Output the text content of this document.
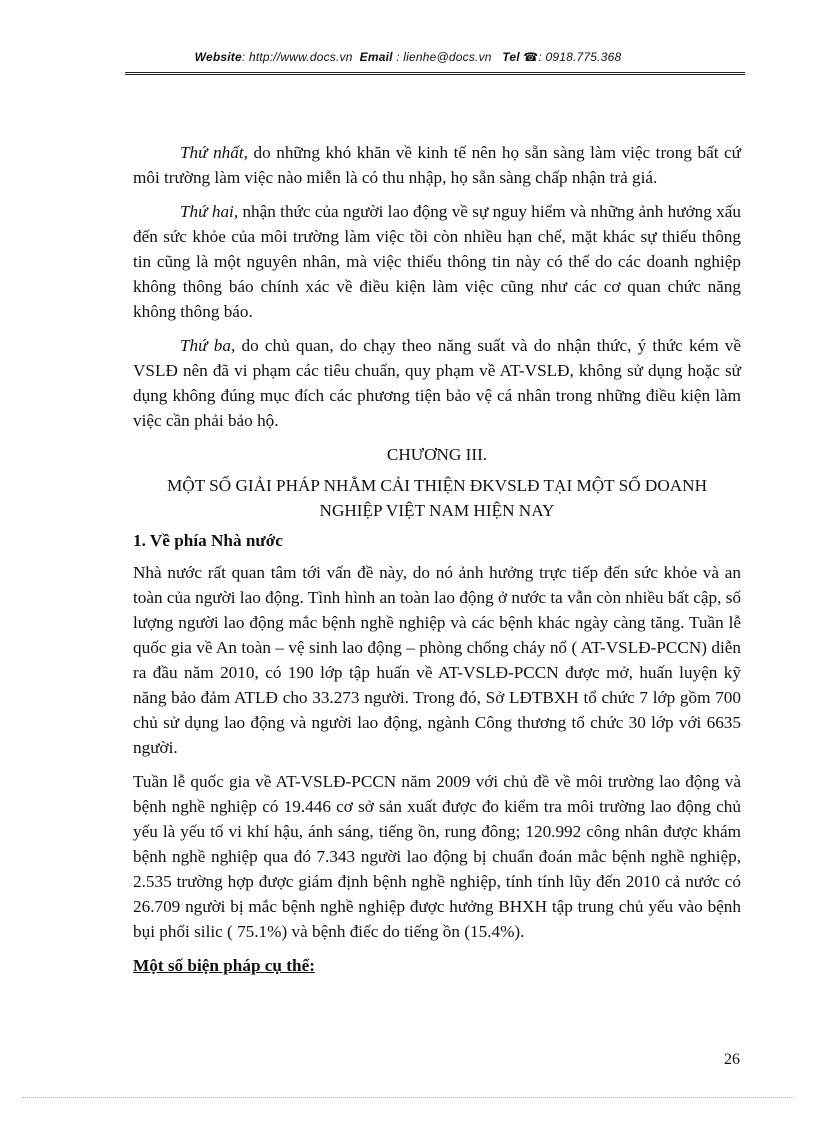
Website: http://www.docs.vn Email : lienhe@docs.vn Tel ☎: 0918.775.368

Thứ nhất, do những khó khăn về kinh tế nên họ sẵn sàng làm việc trong bất cứ môi trường làm việc nào miễn là có thu nhập, họ sẵn sàng chấp nhận trả giá.

Thứ hai, nhận thức của người lao động về sự nguy hiểm và những ảnh hưởng xấu đến sức khỏe của môi trường làm việc tồi còn nhiều hạn chế, mặt khác sự thiếu thông tin cũng là một nguyên nhân, mà việc thiếu thông tin này có thể do các doanh nghiệp không thông báo chính xác về điều kiện làm việc cũng như các cơ quan chức năng không thông báo.

Thứ ba, do chủ quan, do chạy theo năng suất và do nhận thức, ý thức kém về VSLĐ nên đã vi phạm các tiêu chuẩn, quy phạm về AT-VSLĐ, không sử dụng hoặc sử dụng không đúng mục đích các phương tiện bảo vệ cá nhân trong những điều kiện làm việc cần phải bảo hộ.

CHƯƠNG III.

MỘT SỐ GIẢI PHÁP NHẰM CẢI THIỆN ĐKVSLĐ TẠI MỘT SỐ DOANH
NGHIỆP VIỆT NAM HIỆN NAY

1. Về phía Nhà nước

Nhà nước rất quan tâm tới vấn đề này, do nó ảnh hưởng trực tiếp đến sức khỏe và an toàn của người lao động. Tình hình an toàn lao động ở nước ta vẫn còn nhiều bất cập, số lượng người lao động mắc bệnh nghề nghiệp và các bệnh khác ngày càng tăng. Tuần lễ quốc gia về An toàn – vệ sinh lao động – phòng chống cháy nổ ( AT-VSLĐ-PCCN) diễn ra đầu năm 2010, có 190 lớp tập huấn về AT-VSLĐ-PCCN được mở, huấn luyện kỹ năng bảo đảm ATLĐ cho 33.273 người. Trong đó, Sở LĐTBXH tổ chức 7 lớp gồm 700 chủ sử dụng lao động và người lao động, ngành Công thương tổ chức 30 lớp với 6635 người.

Tuần lễ quốc gia về AT-VSLĐ-PCCN năm 2009 với chủ đề về môi trường lao động và bệnh nghề nghiệp có 19.446 cơ sở sản xuất được đo kiểm tra môi trường lao động chủ yếu là yếu tố vi khí hậu, ánh sáng, tiếng ồn, rung đông; 120.992 công nhân được khám bệnh nghề nghiệp qua đó 7.343 người lao động bị chuẩn đoán mắc bệnh nghề nghiệp, 2.535 trường hợp được giám định bệnh nghề nghiệp, tính tính lũy đến 2010 cả nước có 26.709 người bị mắc bệnh nghề nghiệp được hưởng BHXH tập trung chủ yếu vào bệnh bụi phổi silic ( 75.1%) và bệnh điếc do tiếng ồn (15.4%).

Một số biện pháp cụ thể:

26
